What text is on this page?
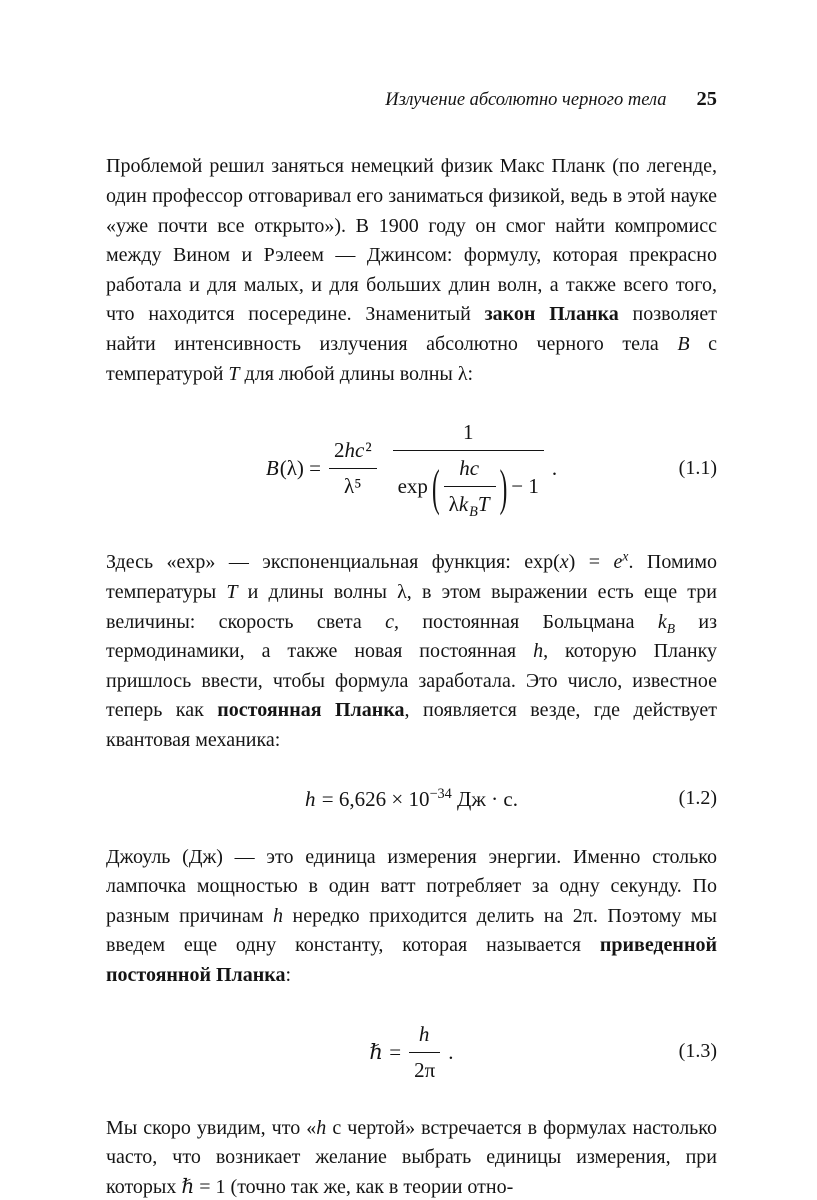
Излучение абсолютно черного тела 25

Проблемой решил заняться немецкий физик Макс Планк (по легенде, один профессор отговаривал его заниматься физикой, ведь в этой науке «уже почти все открыто»). В 1900 году он смог найти компромисс между Вином и Рэлеем — Джинсом: формулу, которая прекрасно работала и для малых, и для больших длин волн, а также всего того, что находится посередине. Знаменитый закон Планка позволяет найти интенсивность излучения абсолютно черного тела B с температурой T для любой длины волны λ:

$B(\lambda) = \frac{\text{2hc²}}{\text{λ⁵}}$
1
exp ( $\frac{hc}{\lambda k_BT}$ ) − 1
.	(1.1)

Здесь «exp» — экспоненциальная функция: $\exp(x) = e^x$. Помимо температуры T и длины волны λ, в этом выражении есть еще три величины: скорость света c, постоянная Больцмана $k_B$ из термодинамики, а также новая постоянная h, которую Планку пришлось ввести, чтобы формула заработала. Это число, известное теперь как постоянная Планка, появляется везде, где действует квантовая механика:

$h = 6,626 \times 10^{-34}$ Дж · с.	(1.2)

Джоуль (Дж) — это единица измерения энергии. Именно столько лампочка мощностью в один ватт потребляет за одну секунду. По разным причинам h нередко приходится делить на 2π. Поэтому мы введем еще одну константу, которая называется приведенной постоянной Планка:

ℏ = $\frac{h}{2\pi}$ .	(1.3)

Мы скоро увидим, что «h с чертой» встречается в формулах настолько часто, что возникает желание выбрать единицы измерения, при которых ℏ = 1 (точно так же, как в теории отно-
